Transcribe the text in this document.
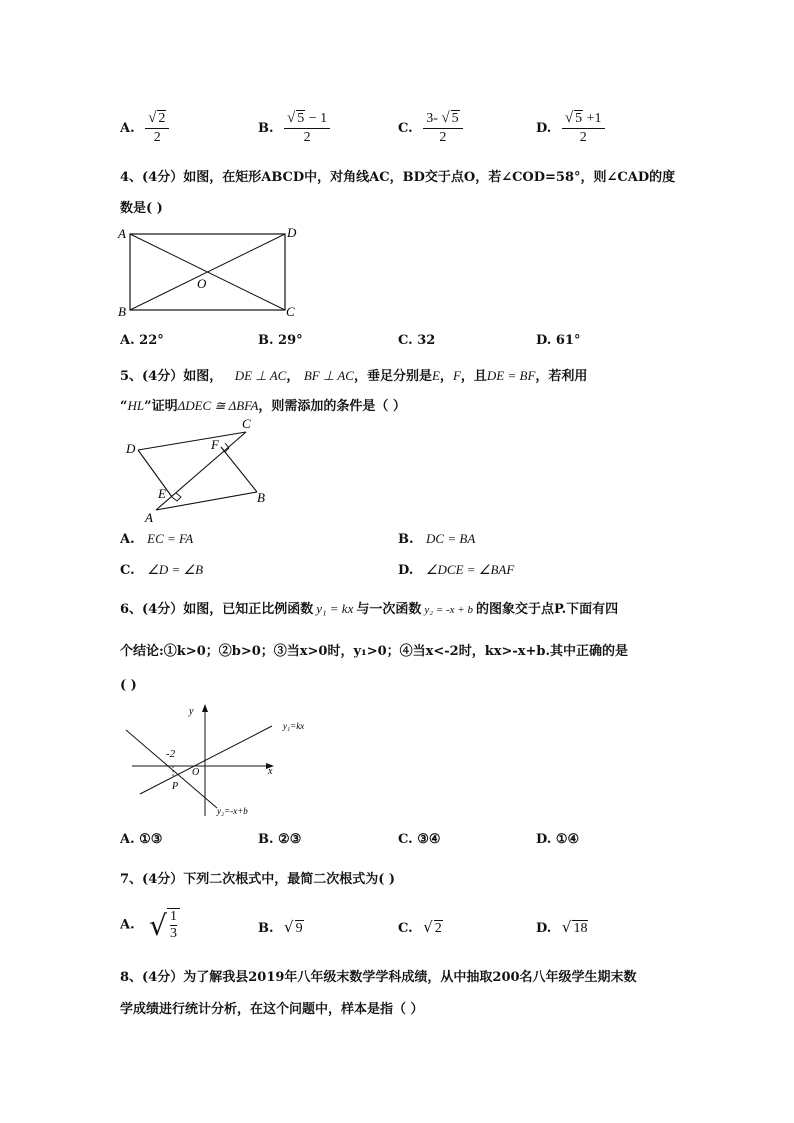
A. $\frac{√ 2}{2}$	B. $\frac{√ 5 - 1}{2}$	C. $\frac{3- √ 5}{2}$	D. $\frac{√ 5 +1}{2}$
4、(4分）如图，在矩形ABCD中，对角线AC，BD交于点O，若∠COD=58°，则∠CAD的度
数是( )
A	D
B	C
O
A. 22°	B. 29°	C. 32	D. 61°
5、(4分）如图， DE ⊥ AC， BF ⊥ AC，垂足分别是E，F，且DE = BF，若利用
“HL”证明ΔDEC ≅ ΔBFA，则需添加的条件是（ ）
D
C
F
E	B
A
A. EC = FA	B. DC = BA
C. ∠D = ∠B	D. ∠DCE = ∠BAF
6、(4分）如图，已知正比例函数 y₁ = kx 与一次函数 y₂ = -x + b 的图象交于点P.下面有四
个结论:①k>0；②b>0；③当x>0时，y₁>0；④当x<-2时，kx>-x+b.其中正确的是
( )
y
x
O
P
-2
y₁=kx
y₂=-x+b
A. ①③	B. ②③	C. ③④	D. ①④
7、(4分）下列二次根式中，最简二次根式为( )
A. √ $\frac{1}{3}$	B. √ 9	C. √ 2	D. √ 18
8、(4分）为了解我县2019年八年级末数学学科成绩，从中抽取200名八年级学生期末数
学成绩进行统计分析，在这个问题中，样本是指（ ）
